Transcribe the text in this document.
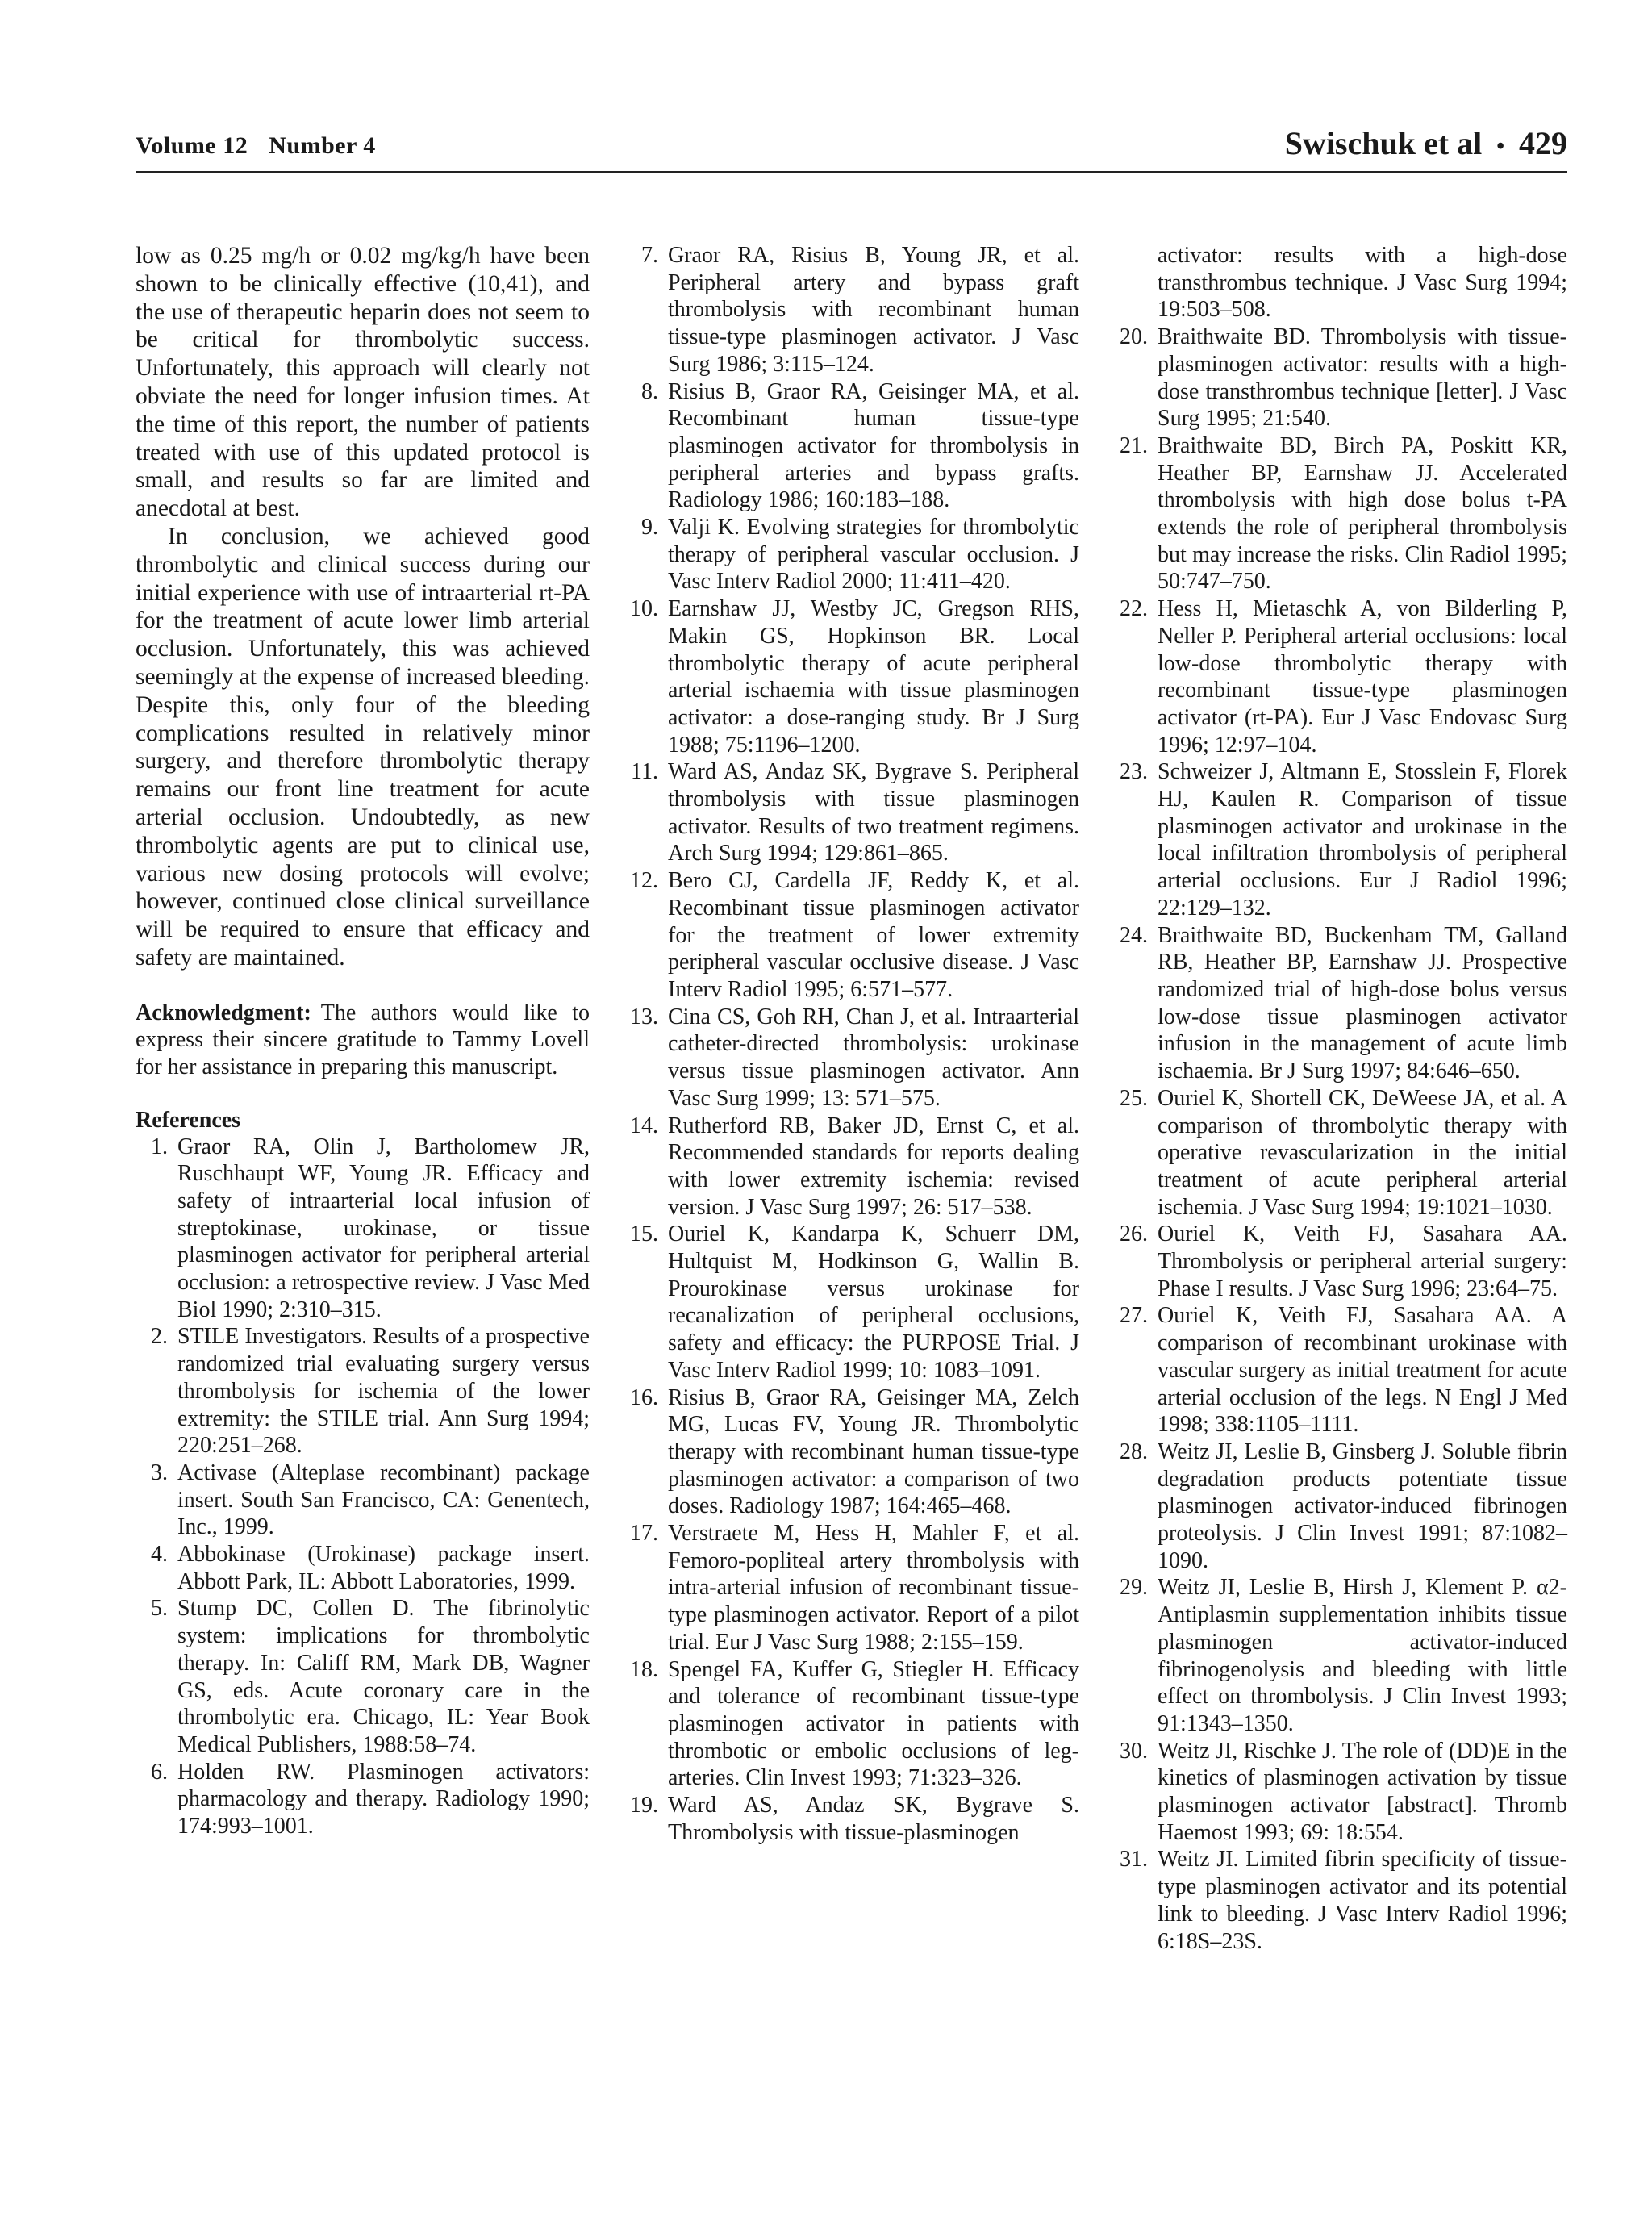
Volume 12 Number 4	Swischuk et al • 429

low as 0.25 mg/h or 0.02 mg/kg/h have been shown to be clinically effective (10,41), and the use of therapeutic heparin does not seem to be critical for thrombolytic success. Unfortunately, this approach will clearly not obviate the need for longer infusion times. At the time of this report, the number of patients treated with use of this updated protocol is small, and results so far are limited and anecdotal at best.

In conclusion, we achieved good thrombolytic and clinical success during our initial experience with use of intraarterial rt-PA for the treatment of acute lower limb arterial occlusion. Unfortunately, this was achieved seemingly at the expense of increased bleeding. Despite this, only four of the bleeding complications resulted in relatively minor surgery, and therefore thrombolytic therapy remains our front line treatment for acute arterial occlusion. Undoubtedly, as new thrombolytic agents are put to clinical use, various new dosing protocols will evolve; however, continued close clinical surveillance will be required to ensure that efficacy and safety are maintained.

Acknowledgment: The authors would like to express their sincere gratitude to Tammy Lovell for her assistance in preparing this manuscript.

References
1. Graor RA, Olin J, Bartholomew JR, Ruschhaupt WF, Young JR. Efficacy and safety of intraarterial local infusion of streptokinase, urokinase, or tissue plasminogen activator for peripheral arterial occlusion: a retrospective review. J Vasc Med Biol 1990; 2:310–315.
2. STILE Investigators. Results of a prospective randomized trial evaluating surgery versus thrombolysis for ischemia of the lower extremity: the STILE trial. Ann Surg 1994; 220:251–268.
3. Activase (Alteplase recombinant) package insert. South San Francisco, CA: Genentech, Inc., 1999.
4. Abbokinase (Urokinase) package insert. Abbott Park, IL: Abbott Laboratories, 1999.
5. Stump DC, Collen D. The fibrinolytic system: implications for thrombolytic therapy. In: Califf RM, Mark DB, Wagner GS, eds. Acute coronary care in the thrombolytic era. Chicago, IL: Year Book Medical Publishers, 1988:58–74.
6. Holden RW. Plasminogen activators: pharmacology and therapy. Radiology 1990; 174:993–1001.
7. Graor RA, Risius B, Young JR, et al. Peripheral artery and bypass graft thrombolysis with recombinant human tissue-type plasminogen activator. J Vasc Surg 1986; 3:115–124.
8. Risius B, Graor RA, Geisinger MA, et al. Recombinant human tissue-type plasminogen activator for thrombolysis in peripheral arteries and bypass grafts. Radiology 1986; 160:183–188.
9. Valji K. Evolving strategies for thrombolytic therapy of peripheral vascular occlusion. J Vasc Interv Radiol 2000; 11:411–420.
10. Earnshaw JJ, Westby JC, Gregson RHS, Makin GS, Hopkinson BR. Local thrombolytic therapy of acute peripheral arterial ischaemia with tissue plasminogen activator: a dose-ranging study. Br J Surg 1988; 75:1196–1200.
11. Ward AS, Andaz SK, Bygrave S. Peripheral thrombolysis with tissue plasminogen activator. Results of two treatment regimens. Arch Surg 1994; 129:861–865.
12. Bero CJ, Cardella JF, Reddy K, et al. Recombinant tissue plasminogen activator for the treatment of lower extremity peripheral vascular occlusive disease. J Vasc Interv Radiol 1995; 6:571–577.
13. Cina CS, Goh RH, Chan J, et al. Intraarterial catheter-directed thrombolysis: urokinase versus tissue plasminogen activator. Ann Vasc Surg 1999; 13: 571–575.
14. Rutherford RB, Baker JD, Ernst C, et al. Recommended standards for reports dealing with lower extremity ischemia: revised version. J Vasc Surg 1997; 26: 517–538.
15. Ouriel K, Kandarpa K, Schuerr DM, Hultquist M, Hodkinson G, Wallin B. Prourokinase versus urokinase for recanalization of peripheral occlusions, safety and efficacy: the PURPOSE Trial. J Vasc Interv Radiol 1999; 10: 1083–1091.
16. Risius B, Graor RA, Geisinger MA, Zelch MG, Lucas FV, Young JR. Thrombolytic therapy with recombinant human tissue-type plasminogen activator: a comparison of two doses. Radiology 1987; 164:465–468.
17. Verstraete M, Hess H, Mahler F, et al. Femoro-popliteal artery thrombolysis with intra-arterial infusion of recombinant tissue-type plasminogen activator. Report of a pilot trial. Eur J Vasc Surg 1988; 2:155–159.
18. Spengel FA, Kuffer G, Stiegler H. Efficacy and tolerance of recombinant tissue-type plasminogen activator in patients with thrombotic or embolic occlusions of leg-arteries. Clin Invest 1993; 71:323–326.
19. Ward AS, Andaz SK, Bygrave S. Thrombolysis with tissue-plasminogen
activator: results with a high-dose transthrombus technique. J Vasc Surg 1994; 19:503–508.
20. Braithwaite BD. Thrombolysis with tissue-plasminogen activator: results with a high-dose transthrombus technique [letter]. J Vasc Surg 1995; 21:540.
21. Braithwaite BD, Birch PA, Poskitt KR, Heather BP, Earnshaw JJ. Accelerated thrombolysis with high dose bolus t-PA extends the role of peripheral thrombolysis but may increase the risks. Clin Radiol 1995; 50:747–750.
22. Hess H, Mietaschk A, von Bilderling P, Neller P. Peripheral arterial occlusions: local low-dose thrombolytic therapy with recombinant tissue-type plasminogen activator (rt-PA). Eur J Vasc Endovasc Surg 1996; 12:97–104.
23. Schweizer J, Altmann E, Stosslein F, Florek HJ, Kaulen R. Comparison of tissue plasminogen activator and urokinase in the local infiltration thrombolysis of peripheral arterial occlusions. Eur J Radiol 1996; 22:129–132.
24. Braithwaite BD, Buckenham TM, Galland RB, Heather BP, Earnshaw JJ. Prospective randomized trial of high-dose bolus versus low-dose tissue plasminogen activator infusion in the management of acute limb ischaemia. Br J Surg 1997; 84:646–650.
25. Ouriel K, Shortell CK, DeWeese JA, et al. A comparison of thrombolytic therapy with operative revascularization in the initial treatment of acute peripheral arterial ischemia. J Vasc Surg 1994; 19:1021–1030.
26. Ouriel K, Veith FJ, Sasahara AA. Thrombolysis or peripheral arterial surgery: Phase I results. J Vasc Surg 1996; 23:64–75.
27. Ouriel K, Veith FJ, Sasahara AA. A comparison of recombinant urokinase with vascular surgery as initial treatment for acute arterial occlusion of the legs. N Engl J Med 1998; 338:1105–1111.
28. Weitz JI, Leslie B, Ginsberg J. Soluble fibrin degradation products potentiate tissue plasminogen activator-induced fibrinogen proteolysis. J Clin Invest 1991; 87:1082–1090.
29. Weitz JI, Leslie B, Hirsh J, Klement P. α2-Antiplasmin supplementation inhibits tissue plasminogen activator-induced fibrinogenolysis and bleeding with little effect on thrombolysis. J Clin Invest 1993; 91:1343–1350.
30. Weitz JI, Rischke J. The role of (DD)E in the kinetics of plasminogen activation by tissue plasminogen activator [abstract]. Thromb Haemost 1993; 69: 18:554.
31. Weitz JI. Limited fibrin specificity of tissue-type plasminogen activator and its potential link to bleeding. J Vasc Interv Radiol 1996; 6:18S–23S.
